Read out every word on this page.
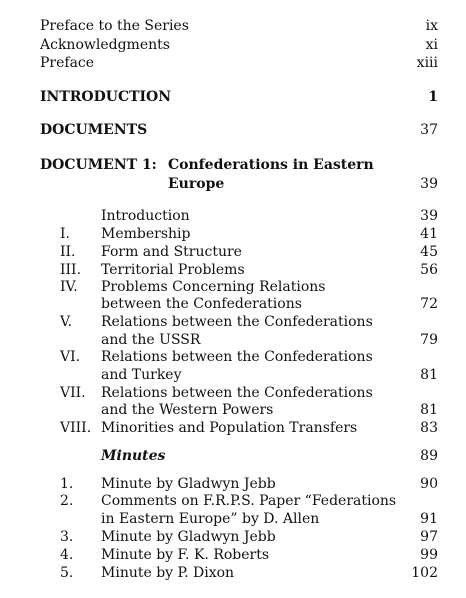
Preface to the Series	ix
Acknowledgments	xi
Preface	xiii
INTRODUCTION	1
DOCUMENTS	37
DOCUMENT 1: Confederations in Eastern
Europe	39
Introduction	39
I. Membership	41
II. Form and Structure	45
III. Territorial Problems	56
IV. Problems Concerning Relations
between the Confederations	72
V. Relations between the Confederations
and the USSR	79
VI. Relations between the Confederations
and Turkey	81
VII. Relations between the Confederations
and the Western Powers	81
VIII. Minorities and Population Transfers	83
Minutes	89
1. Minute by Gladwyn Jebb	90
2. Comments on F.R.P.S. Paper “Federations
in Eastern Europe” by D. Allen	91
3. Minute by Gladwyn Jebb	97
4. Minute by F. K. Roberts	99
5. Minute by P. Dixon	102
